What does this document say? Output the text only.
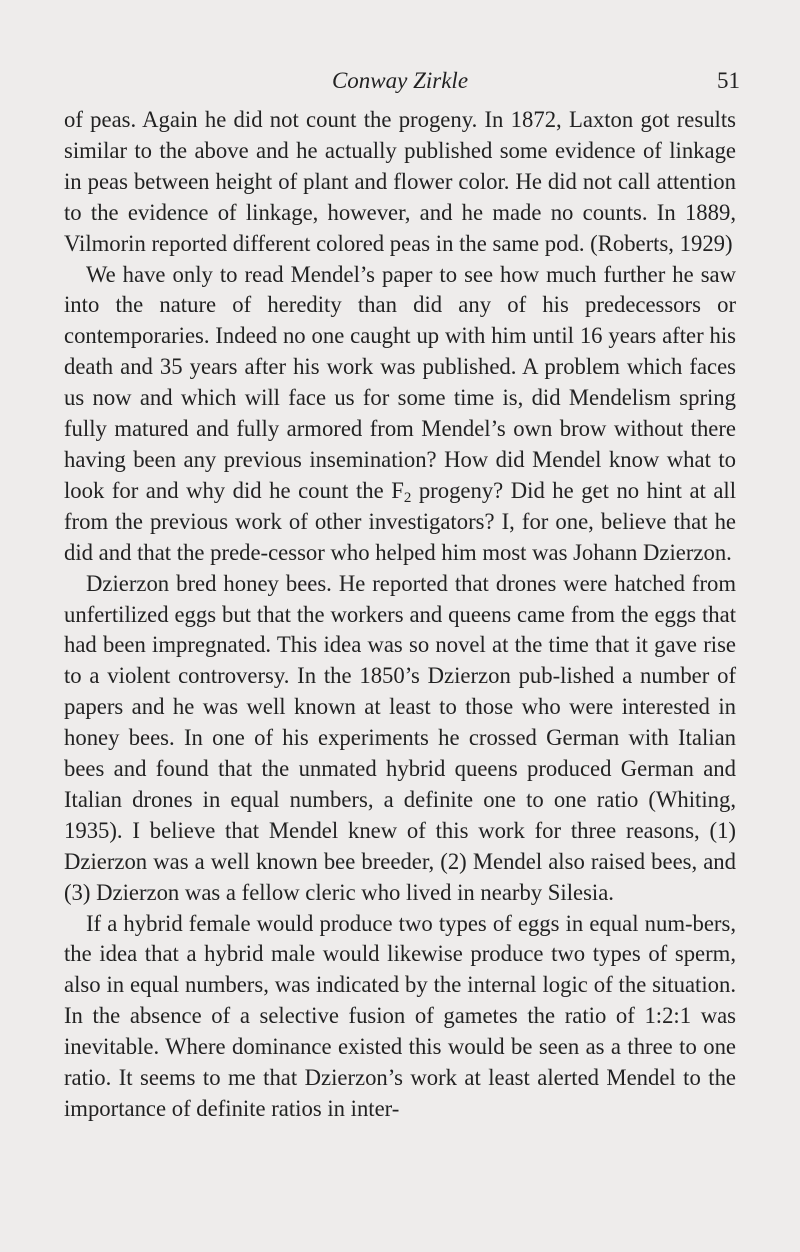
Conway Zirkle	51

of peas. Again he did not count the progeny. In 1872, Laxton got results similar to the above and he actually published some evidence of linkage in peas between height of plant and flower color. He did not call attention to the evidence of linkage, however, and he made no counts. In 1889, Vilmorin reported different colored peas in the same pod. (Roberts, 1929)

We have only to read Mendel’s paper to see how much further he saw into the nature of heredity than did any of his predecessors or contemporaries. Indeed no one caught up with him until 16 years after his death and 35 years after his work was published. A problem which faces us now and which will face us for some time is, did Mendelism spring fully matured and fully armored from Mendel’s own brow without there having been any previous insemination? How did Mendel know what to look for and why did he count the $F_2$ progeny? Did he get no hint at all from the previous work of other investigators? I, for one, believe that he did and that the prede-cessor who helped him most was Johann Dzierzon.

Dzierzon bred honey bees. He reported that drones were hatched from unfertilized eggs but that the workers and queens came from the eggs that had been impregnated. This idea was so novel at the time that it gave rise to a violent controversy. In the 1850’s Dzierzon pub-lished a number of papers and he was well known at least to those who were interested in honey bees. In one of his experiments he crossed German with Italian bees and found that the unmated hybrid queens produced German and Italian drones in equal numbers, a definite one to one ratio (Whiting, 1935). I believe that Mendel knew of this work for three reasons, (1) Dzierzon was a well known bee breeder, (2) Mendel also raised bees, and (3) Dzierzon was a fellow cleric who lived in nearby Silesia.

If a hybrid female would produce two types of eggs in equal num-bers, the idea that a hybrid male would likewise produce two types of sperm, also in equal numbers, was indicated by the internal logic of the situation. In the absence of a selective fusion of gametes the ratio of 1:2:1 was inevitable. Where dominance existed this would be seen as a three to one ratio. It seems to me that Dzierzon’s work at least alerted Mendel to the importance of definite ratios in inter-
